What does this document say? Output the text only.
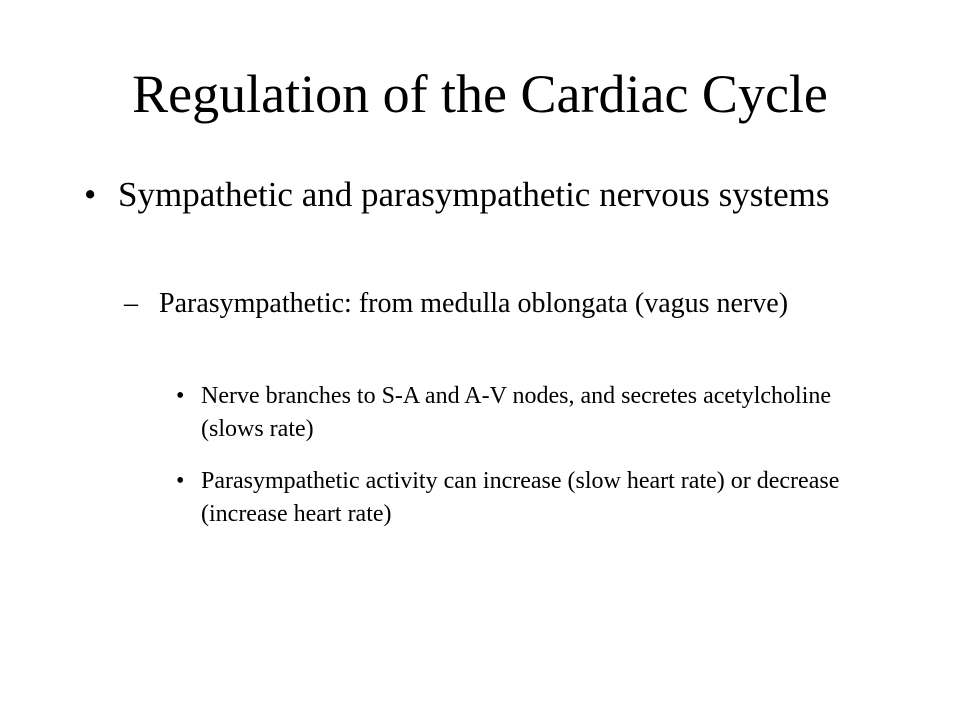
Regulation of the Cardiac Cycle
• Sympathetic and parasympathetic nervous systems
– Parasympathetic: from medulla oblongata (vagus nerve)
• Nerve branches to S-A and A-V nodes, and secretes acetylcholine (slows rate)
• Parasympathetic activity can increase (slow heart rate) or decrease (increase heart rate)
